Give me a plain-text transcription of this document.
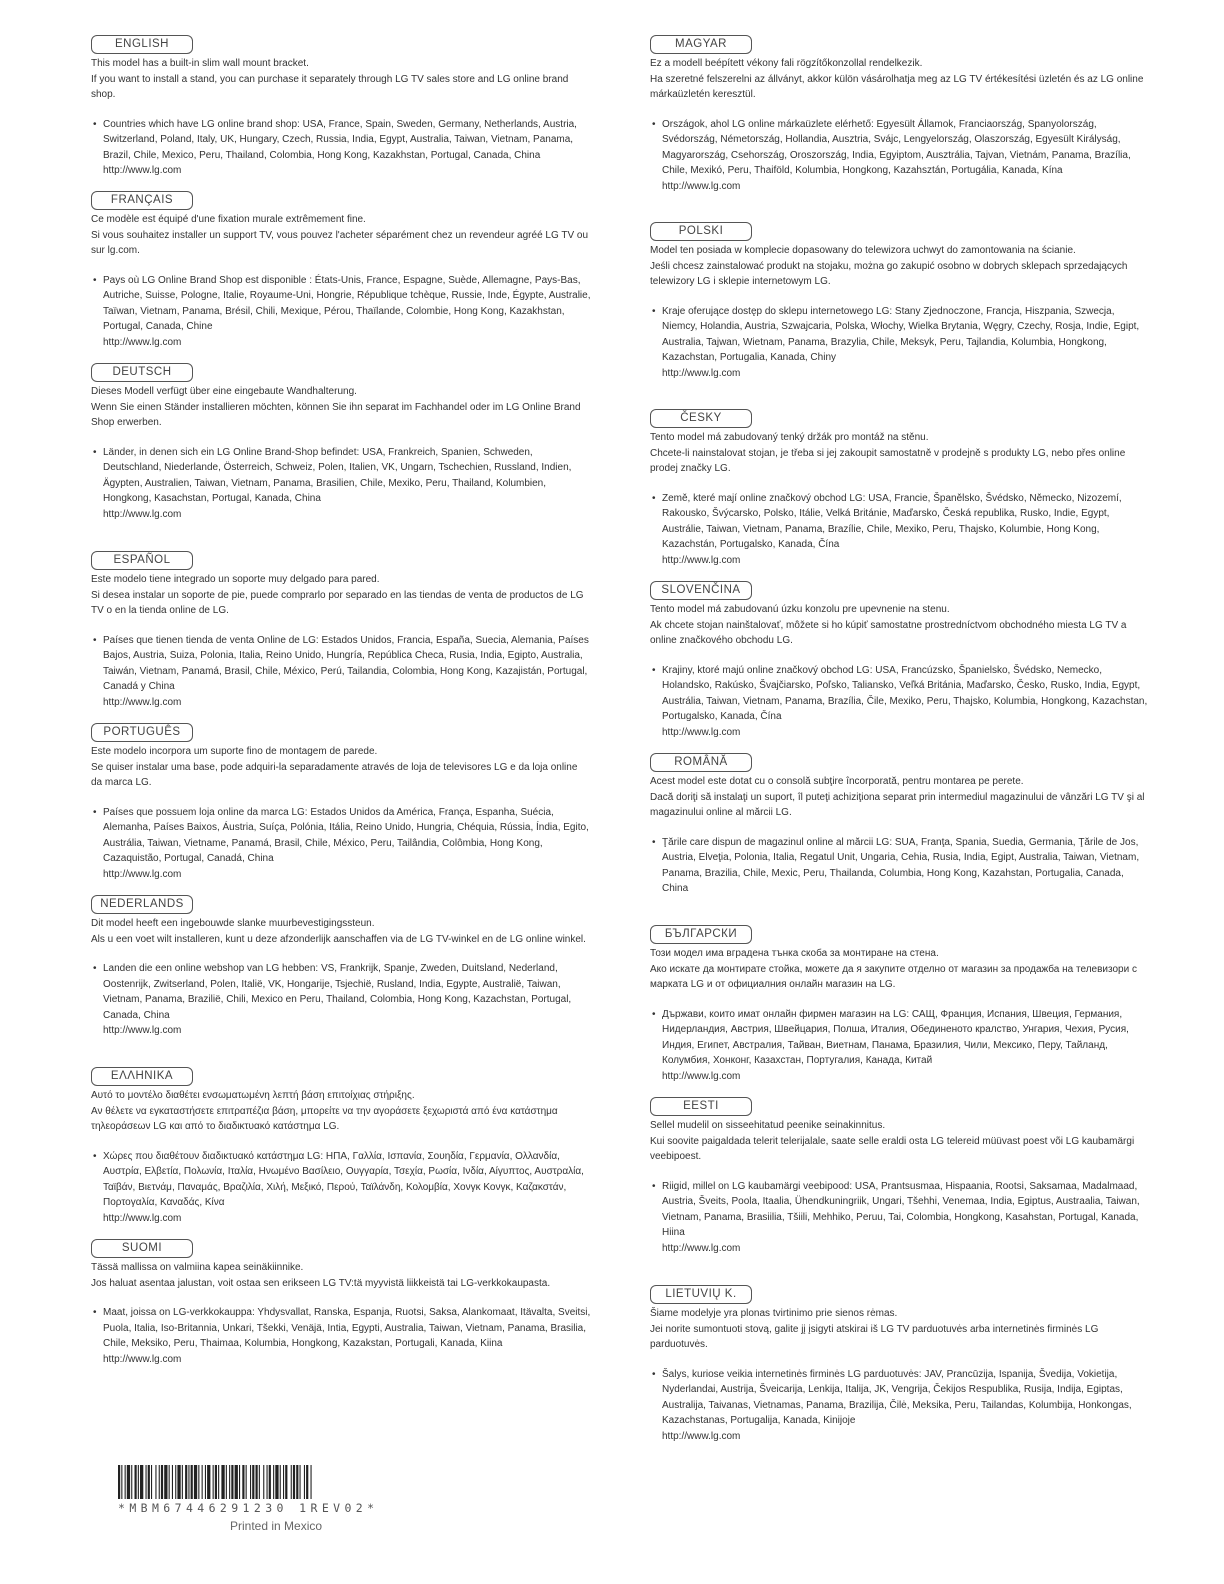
ENGLISH

This model has a built-in slim wall mount bracket.

If you want to install a stand, you can purchase it separately through LG TV sales store and LG online brand shop.

• Countries which have LG online brand shop: USA, France, Spain, Sweden, Germany, Netherlands, Austria, Switzerland, Poland, Italy, UK, Hungary, Czech, Russia, India, Egypt, Australia, Taiwan, Vietnam, Panama, Brazil, Chile, Mexico, Peru, Thailand, Colombia, Hong Kong, Kazakhstan, Portugal, Canada, China

http://www.lg.com
FRANÇAIS

Ce modèle est équipé d'une fixation murale extrêmement fine.

Si vous souhaitez installer un support TV, vous pouvez l'acheter séparément chez un revendeur agréé LG TV ou sur lg.com.

• Pays où LG Online Brand Shop est disponible : États-Unis, France, Espagne, Suède, Allemagne, Pays-Bas, Autriche, Suisse, Pologne, Italie, Royaume-Uni, Hongrie, République tchèque, Russie, Inde, Égypte, Australie, Taïwan, Vietnam, Panama, Brésil, Chili, Mexique, Pérou, Thaïlande, Colombie, Hong Kong, Kazakhstan, Portugal, Canada, Chine

http://www.lg.com
DEUTSCH

Dieses Modell verfügt über eine eingebaute Wandhalterung.

Wenn Sie einen Ständer installieren möchten, können Sie ihn separat im Fachhandel oder im LG Online Brand Shop erwerben.

• Länder, in denen sich ein LG Online Brand-Shop befindet: USA, Frankreich, Spanien, Schweden, Deutschland, Niederlande, Österreich, Schweiz, Polen, Italien, VK, Ungarn, Tschechien, Russland, Indien, Ägypten, Australien, Taiwan, Vietnam, Panama, Brasilien, Chile, Mexiko, Peru, Thailand, Kolumbien, Hongkong, Kasachstan, Portugal, Kanada, China

http://www.lg.com
ESPAÑOL

Este modelo tiene integrado un soporte muy delgado para pared.

Si desea instalar un soporte de pie, puede comprarlo por separado en las tiendas de venta de productos de LG TV o en la tienda online de LG.

• Países que tienen tienda de venta Online de LG: Estados Unidos, Francia, España, Suecia, Alemania, Países Bajos, Austria, Suiza, Polonia, Italia, Reino Unido, Hungría, República Checa, Rusia, India, Egipto, Australia, Taiwán, Vietnam, Panamá, Brasil, Chile, México, Perú, Tailandia, Colombia, Hong Kong, Kazajistán, Portugal, Canadá y China

http://www.lg.com
PORTUGUÊS

Este modelo incorpora um suporte fino de montagem de parede.

Se quiser instalar uma base, pode adquiri-la separadamente através de loja de televisores LG e da loja online da marca LG.

• Países que possuem loja online da marca LG: Estados Unidos da América, França, Espanha, Suécia, Alemanha, Países Baixos, Áustria, Suíça, Polónia, Itália, Reino Unido, Hungria, Chéquia, Rússia, Índia, Egito, Austrália, Taiwan, Vietname, Panamá, Brasil, Chile, México, Peru, Tailândia, Colômbia, Hong Kong, Cazaquistão, Portugal, Canadá, China

http://www.lg.com
NEDERLANDS

Dit model heeft een ingebouwde slanke muurbevestigingssteun.

Als u een voet wilt installeren, kunt u deze afzonderlijk aanschaffen via de LG TV-winkel en de LG online winkel.

• Landen die een online webshop van LG hebben: VS, Frankrijk, Spanje, Zweden, Duitsland, Nederland, Oostenrijk, Zwitserland, Polen, Italië, VK, Hongarije, Tsjechië, Rusland, India, Egypte, Australië, Taiwan, Vietnam, Panama, Brazilië, Chili, Mexico en Peru, Thailand, Colombia, Hong Kong, Kazachstan, Portugal, Canada, China

http://www.lg.com
ΕΛΛΗΝΙΚΑ

Αυτό το μοντέλο διαθέτει ενσωματωμένη λεπτή βάση επιτοίχιας στήριξης.

Αν θέλετε να εγκαταστήσετε επιτραπέζια βάση, μπορείτε να την αγοράσετε ξεχωριστά από ένα κατάστημα τηλεοράσεων LG και από το διαδικτυακό κατάστημα LG.

• Χώρες που διαθέτουν διαδικτυακό κατάστημα LG: ΗΠΑ, Γαλλία, Ισπανία, Σουηδία, Γερμανία, Ολλανδία, Αυστρία, Ελβετία, Πολωνία, Ιταλία, Ηνωμένο Βασίλειο, Ουγγαρία, Τσεχία, Ρωσία, Ινδία, Αίγυπτος, Αυστραλία, Ταϊβάν, Βιετνάμ, Παναμάς, Βραζιλία, Χιλή, Μεξικό, Περού, Ταϊλάνδη, Κολομβία, Χονγκ Κονγκ, Καζακστάν, Πορτογαλία, Καναδάς, Κίνα

http://www.lg.com
SUOMI

Tässä mallissa on valmiina kapea seinäkiinnike.

Jos haluat asentaa jalustan, voit ostaa sen erikseen LG TV:tä myyvistä liikkeistä tai LG-verkkokaupasta.

• Maat, joissa on LG-verkkokauppa: Yhdysvallat, Ranska, Espanja, Ruotsi, Saksa, Alankomaat, Itävalta, Sveitsi, Puola, Italia, Iso-Britannia, Unkari, Tšekki, Venäjä, Intia, Egypti, Australia, Taiwan, Vietnam, Panama, Brasilia, Chile, Meksiko, Peru, Thaimaa, Kolumbia, Hongkong, Kazakstan, Portugali, Kanada, Kiina

http://www.lg.com
MAGYAR

Ez a modell beépített vékony fali rögzítőkonzollal rendelkezik.

Ha szeretné felszerelni az állványt, akkor külön vásárolhatja meg az LG TV értékesítési üzletén és az LG online márkaüzletén keresztül.

• Országok, ahol LG online márkaüzlete elérhető: Egyesült Államok, Franciaország, Spanyolország, Svédország, Németország, Hollandia, Ausztria, Svájc, Lengyelország, Olaszország, Egyesült Királyság, Magyarország, Csehország, Oroszország, India, Egyiptom, Ausztrália, Tajvan, Vietnám, Panama, Brazília, Chile, Mexikó, Peru, Thaiföld, Kolumbia, Hongkong, Kazahsztán, Portugália, Kanada, Kína

http://www.lg.com
POLSKI

Model ten posiada w komplecie dopasowany do telewizora uchwyt do zamontowania na ścianie.

Jeśli chcesz zainstalować produkt na stojaku, można go zakupić osobno w dobrych sklepach sprzedających telewizory LG i sklepie internetowym LG.

• Kraje oferujące dostęp do sklepu internetowego LG: Stany Zjednoczone, Francja, Hiszpania, Szwecja, Niemcy, Holandia, Austria, Szwajcaria, Polska, Włochy, Wielka Brytania, Węgry, Czechy, Rosja, Indie, Egipt, Australia, Tajwan, Wietnam, Panama, Brazylia, Chile, Meksyk, Peru, Tajlandia, Kolumbia, Hongkong, Kazachstan, Portugalia, Kanada, Chiny

http://www.lg.com
ČESKY

Tento model má zabudovaný tenký držák pro montáž na stěnu.

Chcete-li nainstalovat stojan, je třeba si jej zakoupit samostatně v prodejně s produkty LG, nebo přes online prodej značky LG.

• Země, které mají online značkový obchod LG: USA, Francie, Španělsko, Švédsko, Německo, Nizozemí, Rakousko, Švýcarsko, Polsko, Itálie, Velká Británie, Maďarsko, Česká republika, Rusko, Indie, Egypt, Austrálie, Taiwan, Vietnam, Panama, Brazílie, Chile, Mexiko, Peru, Thajsko, Kolumbie, Hong Kong, Kazachstán, Portugalsko, Kanada, Čína

http://www.lg.com
SLOVENČINA

Tento model má zabudovanú úzku konzolu pre upevnenie na stenu.

Ak chcete stojan nainštalovať, môžete si ho kúpiť samostatne prostredníctvom obchodného miesta LG TV a online značkového obchodu LG.

• Krajiny, ktoré majú online značkový obchod LG: USA, Francúzsko, Španielsko, Švédsko, Nemecko, Holandsko, Rakúsko, Švajčiarsko, Poľsko, Taliansko, Veľká Británia, Maďarsko, Česko, Rusko, India, Egypt, Austrália, Taiwan, Vietnam, Panama, Brazília, Čile, Mexiko, Peru, Thajsko, Kolumbia, Hongkong, Kazachstan, Portugalsko, Kanada, Čína

http://www.lg.com
ROMÂNĂ

Acest model este dotat cu o consolă subţire încorporată, pentru montarea pe perete.

Dacă doriţi să instalaţi un suport, îl puteţi achiziţiona separat prin intermediul magazinului de vânzări LG TV şi al magazinului online al mărcii LG.

• Ţările care dispun de magazinul online al mărcii LG: SUA, Franţa, Spania, Suedia, Germania, Ţările de Jos, Austria, Elveţia, Polonia, Italia, Regatul Unit, Ungaria, Cehia, Rusia, India, Egipt, Australia, Taiwan, Vietnam, Panama, Brazilia, Chile, Mexic, Peru, Thailanda, Columbia, Hong Kong, Kazahstan, Portugalia, Canada, China

БЪЛГАРСКИ

Този модел има вградена тънка скоба за монтиране на стена.

Ако искате да монтирате стойка, можете да я закупите отделно от магазин за продажба на телевизори с марката LG и от официалния онлайн магазин на LG.

• Държави, които имат онлайн фирмен магазин на LG: САЩ, Франция, Испания, Швеция, Германия, Нидерландия, Австрия, Швейцария, Полша, Италия, Обединеното кралство, Унгария, Чехия, Русия, Индия, Египет, Австралия, Тайван, Виетнам, Панама, Бразилия, Чили, Мексико, Перу, Тайланд, Колумбия, Хонконг, Казахстан, Португалия, Канада, Китай

http://www.lg.com
EESTI

Sellel mudelil on sisseehitatud peenike seinakinnitus.

Kui soovite paigaldada telerit telerijalale, saate selle eraldi osta LG telereid müüvast poest või LG kaubamärgi veebipoest.

• Riigid, millel on LG kaubamärgi veebipood: USA, Prantsusmaa, Hispaania, Rootsi, Saksamaa, Madalmaad, Austria, Šveits, Poola, Itaalia, Ühendkuningriik, Ungari, Tšehhi, Venemaa, India, Egiptus, Austraalia, Taiwan, Vietnam, Panama, Brasiilia, Tšiili, Mehhiko, Peruu, Tai, Colombia, Hongkong, Kasahstan, Portugal, Kanada, Hiina

http://www.lg.com
LIETUVIŲ K.

Šiame modelyje yra plonas tvirtinimo prie sienos rėmas.

Jei norite sumontuoti stovą, galite jį įsigyti atskirai iš LG TV parduotuvės arba internetinės firminės LG parduotuvės.

• Šalys, kuriose veikia internetinės firminės LG parduotuvės: JAV, Prancūzija, Ispanija, Švedija, Vokietija, Nyderlandai, Austrija, Šveicarija, Lenkija, Italija, JK, Vengrija, Čekijos Respublika, Rusija, Indija, Egiptas, Australija, Taivanas, Vietnamas, Panama, Brazilija, Čilė, Meksika, Peru, Tailandas, Kolumbija, Honkongas, Kazachstanas, Portugalija, Kanada, Kinijoje

http://www.lg.com
*MBM67446291230 1REV02*
Printed in Mexico
